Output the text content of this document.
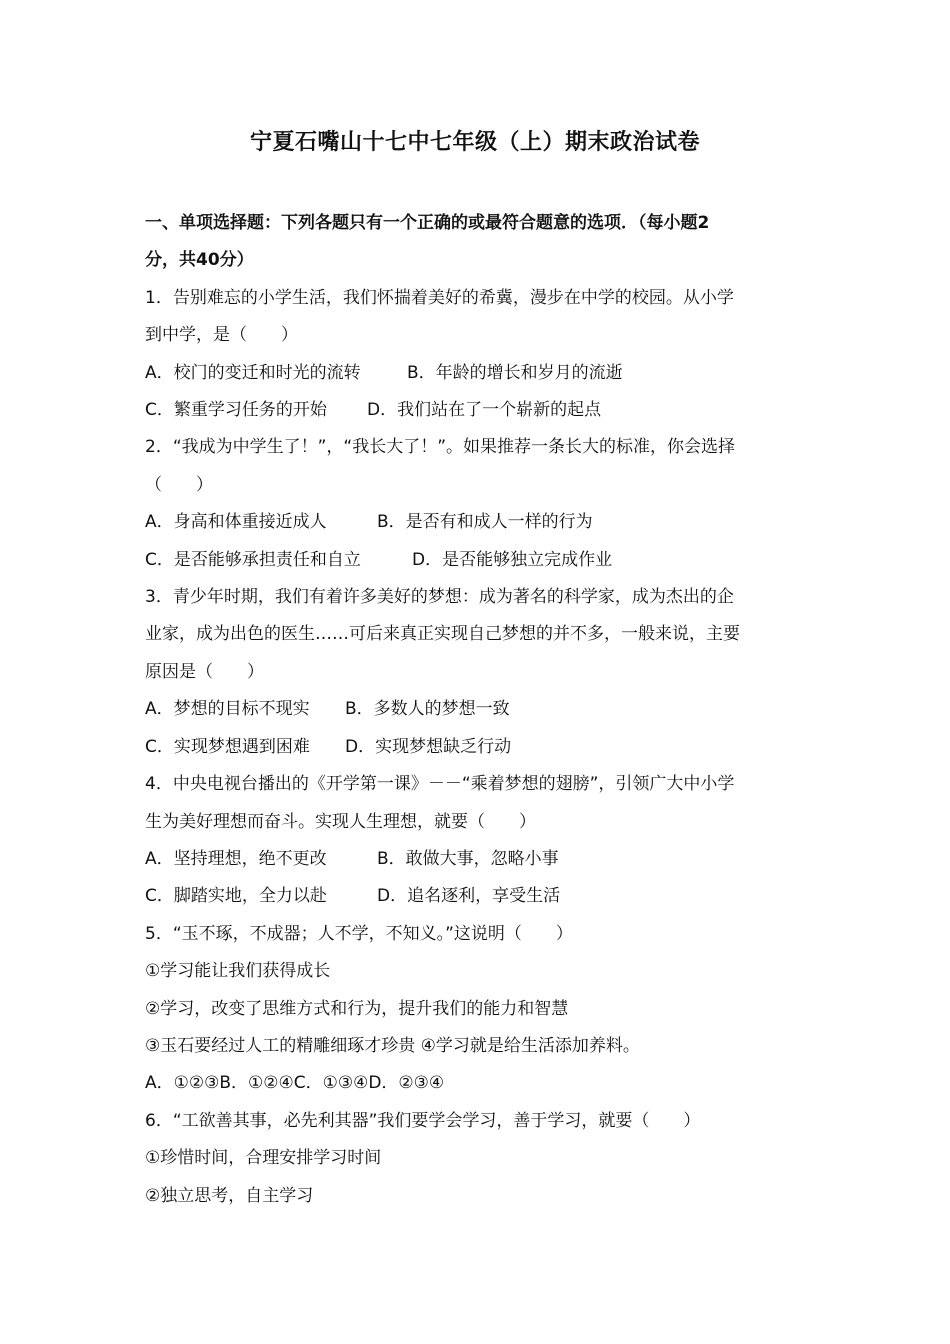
宁夏石嘴山十七中七年级（上）期末政治试卷
一、单项选择题：下列各题只有一个正确的或最符合题意的选项．（每小题2
分，共40分）
1．告别难忘的小学生活，我们怀揣着美好的希冀，漫步在中学的校园。从小学
到中学，是（　　）
A．校门的变迁和时光的流转	B．年龄的增长和岁月的流逝
C．繁重学习任务的开始 D．我们站在了一个崭新的起点
2．“我成为中学生了！”，“我长大了！”。如果推荐一条长大的标准，你会选择
（　　）
A．身高和体重接近成人	B．是否有和成人一样的行为
C．是否能够承担责任和自立	D．是否能够独立完成作业
3．青少年时期，我们有着许多美好的梦想：成为著名的科学家，成为杰出的企
业家，成为出色的医生……可后来真正实现自己梦想的并不多，一般来说，主要
原因是（　　）
A．梦想的目标不现实 B．多数人的梦想一致
C．实现梦想遇到困难 D．实现梦想缺乏行动
4．中央电视台播出的《开学第一课》－－“乘着梦想的翅膀”，引领广大中小学
生为美好理想而奋斗。实现人生理想，就要（　　）
A．坚持理想，绝不更改	B．敢做大事，忽略小事
C．脚踏实地，全力以赴	D．追名逐利，享受生活
5．“玉不琢，不成器；人不学，不知义。”这说明（　　）
①学习能让我们获得成长
②学习，改变了思维方式和行为，提升我们的能力和智慧
③玉石要经过人工的精雕细琢才珍贵 ④学习就是给生活添加养料。
A．①②③B．①②④C．①③④D．②③④
6．“工欲善其事，必先利其器”我们要学会学习，善于学习，就要（　　）
①珍惜时间，合理安排学习时间
②独立思考，自主学习
